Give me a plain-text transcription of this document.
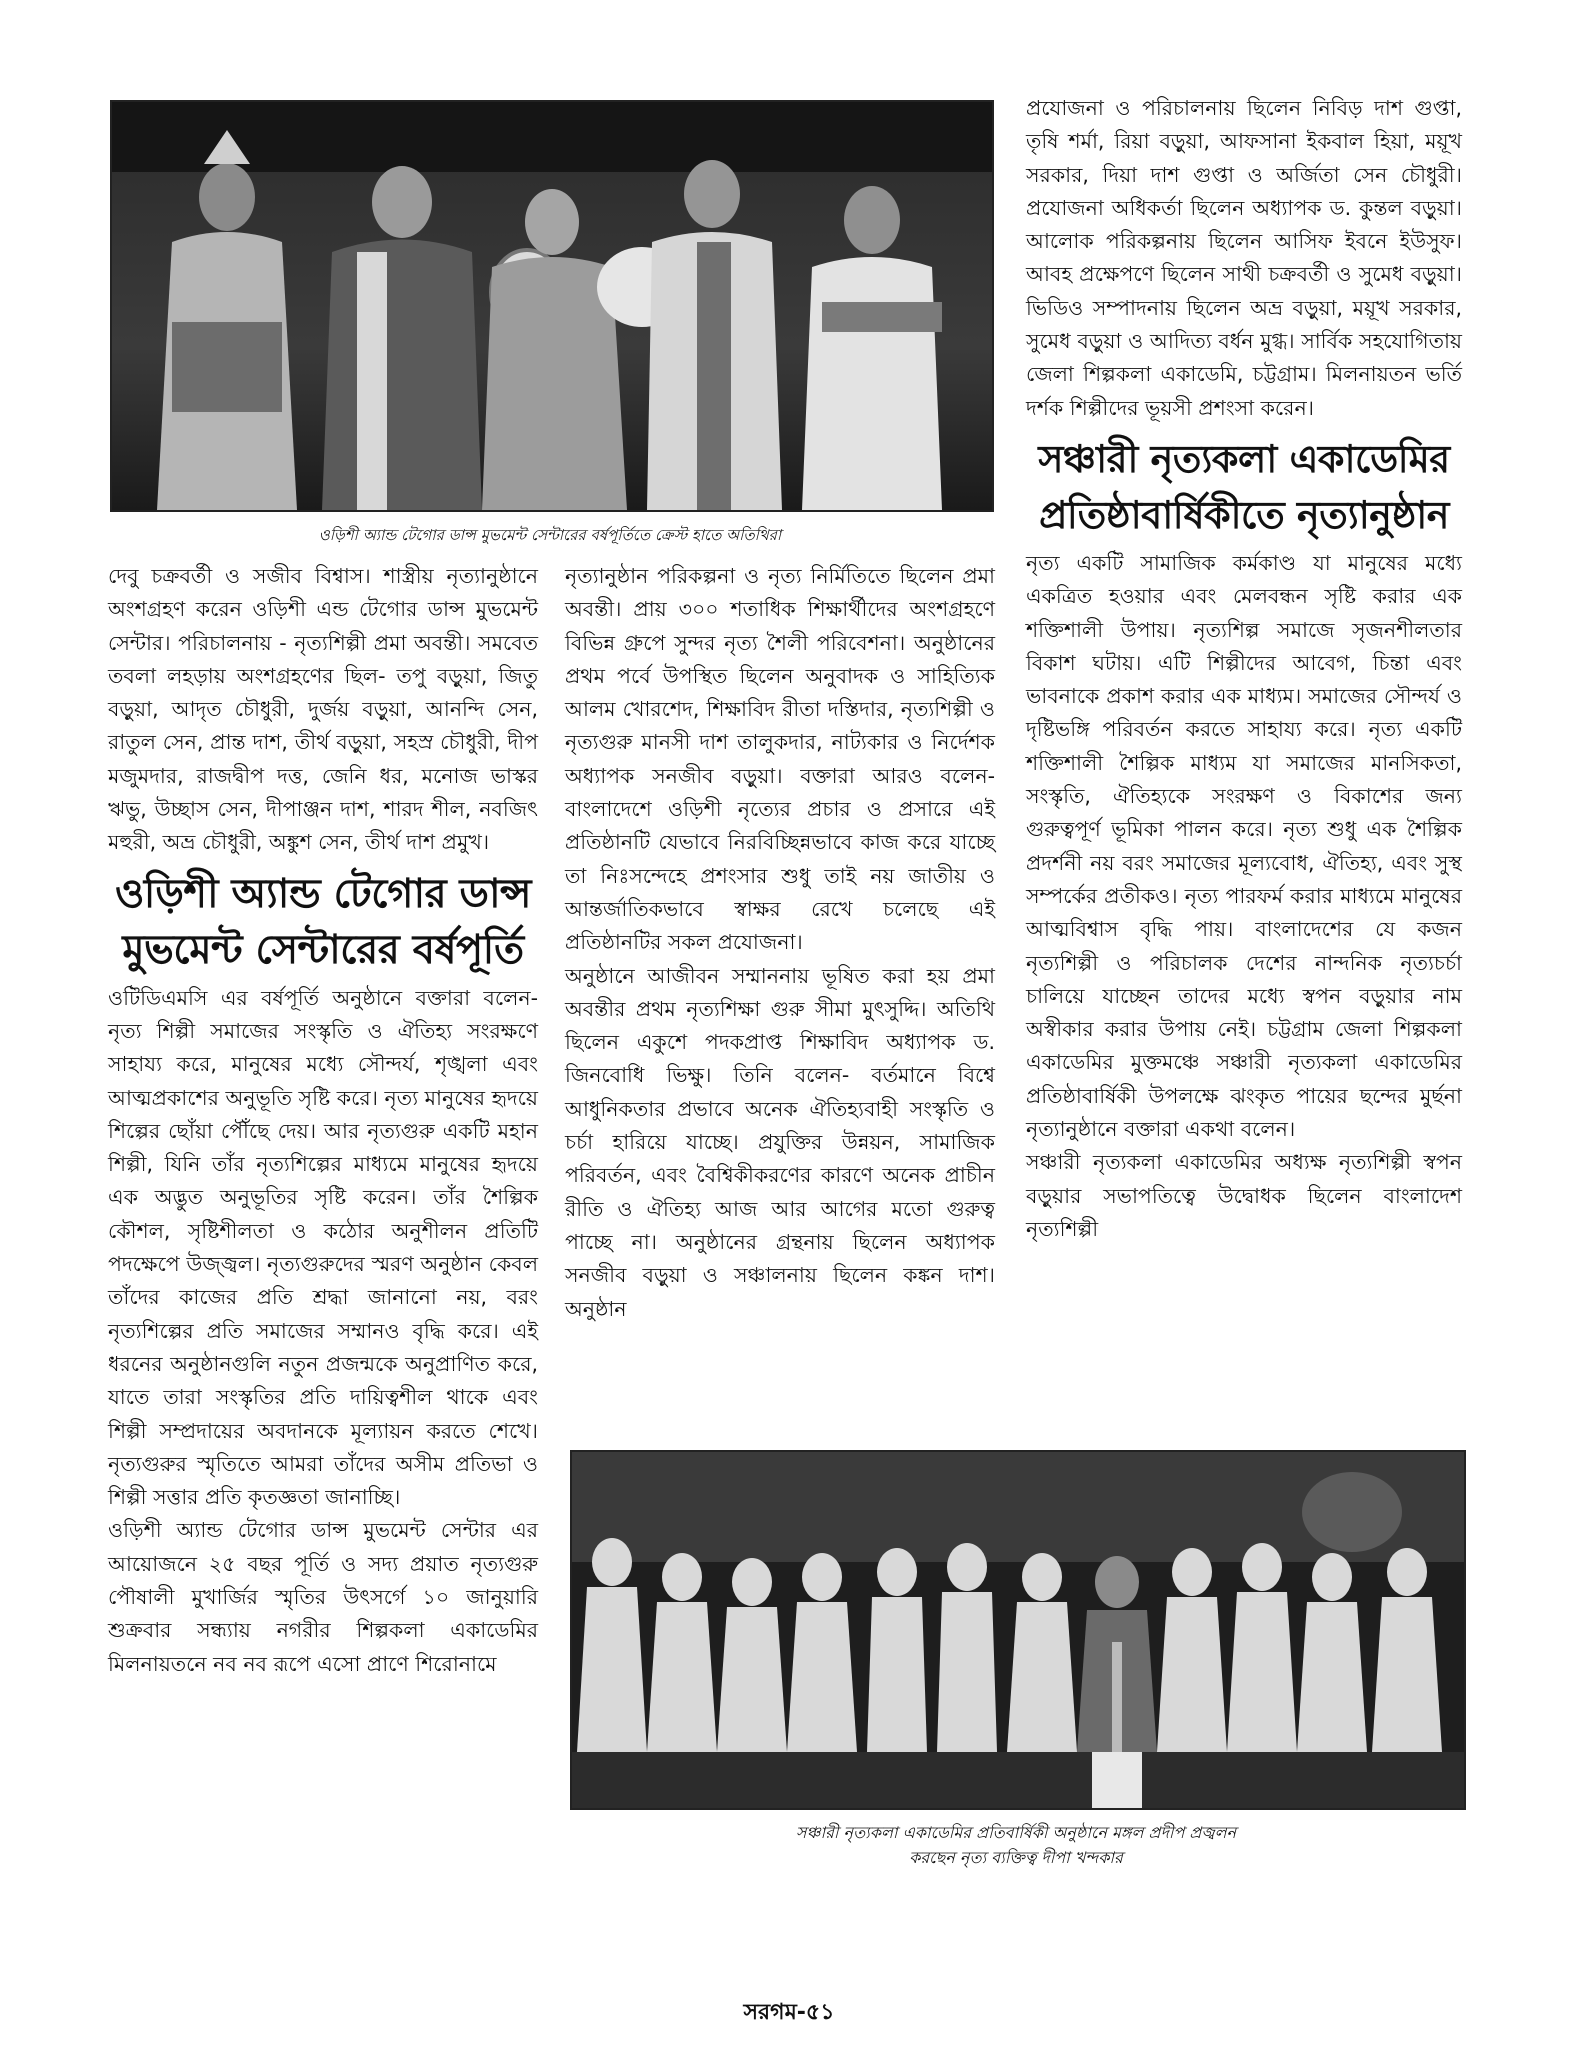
ওড়িশী অ্যান্ড টেগোর ডান্স মুভমেন্ট সেন্টারের বর্ষপূর্তিতে ক্রেস্ট হাতে অতিথিরা

দেবু চক্রবর্তী ও সজীব বিশ্বাস। শাস্ত্রীয় নৃত্যানুষ্ঠানে অংশগ্রহণ করেন ওড়িশী এন্ড টেগোর ডান্স মুভমেন্ট সেন্টার। পরিচালনায় - নৃত্যশিল্পী প্রমা অবন্তী। সমবেত তবলা লহড়ায় অংশগ্রহণের ছিল- তপু বড়ুয়া, জিতু বড়ুয়া, আদৃত চৌধুরী, দুর্জয় বড়ুয়া, আনন্দি সেন, রাতুল সেন, প্রান্ত দাশ, তীর্থ বড়ুয়া, সহস্র চৌধুরী, দীপ মজুমদার, রাজদ্বীপ দত্ত, জেনি ধর, মনোজ ভাস্কর ঋভু, উচ্ছাস সেন, দীপাঞ্জন দাশ, শারদ শীল, নবজিৎ মহুরী, অভ্র চৌধুরী, অঙ্কুশ সেন, তীর্থ দাশ প্রমুখ।

ওড়িশী অ্যান্ড টেগোর ডান্স মুভমেন্ট সেন্টারের বর্ষপূর্তি

ওটিডিএমসি এর বর্ষপূর্তি অনুষ্ঠানে বক্তারা বলেন- নৃত্য শিল্পী সমাজের সংস্কৃতি ও ঐতিহ্য সংরক্ষণে সাহায্য করে, মানুষের মধ্যে সৌন্দর্য, শৃঙ্খলা এবং আত্মপ্রকাশের অনুভূতি সৃষ্টি করে। নৃত্য মানুষের হৃদয়ে শিল্পের ছোঁয়া পৌঁছে দেয়। আর নৃত্যগুরু একটি মহান শিল্পী, যিনি তাঁর নৃত্যশিল্পের মাধ্যমে মানুষের হৃদয়ে এক অদ্ভুত অনুভূতির সৃষ্টি করেন। তাঁর শৈল্পিক কৌশল, সৃষ্টিশীলতা ও কঠোর অনুশীলন প্রতিটি পদক্ষেপে উজ্জ্বল। নৃত্যগুরুদের স্মরণ অনুষ্ঠান কেবল তাঁদের কাজের প্রতি শ্রদ্ধা জানানো নয়, বরং নৃত্যশিল্পের প্রতি সমাজের সম্মানও বৃদ্ধি করে। এই ধরনের অনুষ্ঠানগুলি নতুন প্রজন্মকে অনুপ্রাণিত করে, যাতে তারা সংস্কৃতির প্রতি দায়িত্বশীল থাকে এবং শিল্পী সম্প্রদায়ের অবদানকে মূল্যায়ন করতে শেখে। নৃত্যগুরুর স্মৃতিতে আমরা তাঁদের অসীম প্রতিভা ও শিল্পী সত্তার প্রতি কৃতজ্ঞতা জানাচ্ছি।

ওড়িশী অ্যান্ড টেগোর ডান্স মুভমেন্ট সেন্টার এর আয়োজনে ২৫ বছর পূর্তি ও সদ্য প্রয়াত নৃত্যগুরু পৌষালী মুখার্জির স্মৃতির উৎসর্গে ১০ জানুয়ারি শুক্রবার সন্ধ্যায় নগরীর শিল্পকলা একাডেমির মিলনায়তনে নব নব রূপে এসো প্রাণে শিরোনামে

নৃত্যানুষ্ঠান পরিকল্পনা ও নৃত্য নির্মিতিতে ছিলেন প্রমা অবন্তী। প্রায় ৩০০ শতাধিক শিক্ষার্থীদের অংশগ্রহণে বিভিন্ন গ্রুপে সুন্দর নৃত্য শৈলী পরিবেশনা। অনুষ্ঠানের প্রথম পর্বে উপস্থিত ছিলেন অনুবাদক ও সাহিত্যিক আলম খোরশেদ, শিক্ষাবিদ রীতা দস্তিদার, নৃত্যশিল্পী ও নৃত্যগুরু মানসী দাশ তালুকদার, নাট্যকার ও নির্দেশক অধ্যাপক সনজীব বড়ুয়া। বক্তারা আরও বলেন- বাংলাদেশে ওড়িশী নৃত্যের প্রচার ও প্রসারে এই প্রতিষ্ঠানটি যেভাবে নিরবিচ্ছিন্নভাবে কাজ করে যাচ্ছে তা নিঃসন্দেহে প্রশংসার শুধু তাই নয় জাতীয় ও আন্তর্জাতিকভাবে স্বাক্ষর রেখে চলেছে এই প্রতিষ্ঠানটির সকল প্রযোজনা।

অনুষ্ঠানে আজীবন সম্মাননায় ভূষিত করা হয় প্রমা অবন্তীর প্রথম নৃত্যশিক্ষা গুরু সীমা মুৎসুদ্দি। অতিথি ছিলেন একুশে পদকপ্রাপ্ত শিক্ষাবিদ অধ্যাপক ড. জিনবোধি ভিক্ষু। তিনি বলেন- বর্তমানে বিশ্বে আধুনিকতার প্রভাবে অনেক ঐতিহ্যবাহী সংস্কৃতি ও চর্চা হারিয়ে যাচ্ছে। প্রযুক্তির উন্নয়ন, সামাজিক পরিবর্তন, এবং বৈশ্বিকীকরণের কারণে অনেক প্রাচীন রীতি ও ঐতিহ্য আজ আর আগের মতো গুরুত্ব পাচ্ছে না। অনুষ্ঠানের গ্রন্থনায় ছিলেন অধ্যাপক সনজীব বড়ুয়া ও সঞ্চালনায় ছিলেন কঙ্কন দাশ। অনুষ্ঠান

প্রযোজনা ও পরিচালনায় ছিলেন নিবিড় দাশ গুপ্তা, তৃষি শর্মা, রিয়া বড়ুয়া, আফসানা ইকবাল হিয়া, ময়ূখ সরকার, দিয়া দাশ গুপ্তা ও অর্জিতা সেন চৌধুরী। প্রযোজনা অধিকর্তা ছিলেন অধ্যাপক ড. কুন্তল বড়ুয়া। আলোক পরিকল্পনায় ছিলেন আসিফ ইবনে ইউসুফ। আবহ প্রক্ষেপণে ছিলেন সাথী চক্রবর্তী ও সুমেধ বড়ুয়া। ভিডিও সম্পাদনায় ছিলেন অভ্র বড়ুয়া, ময়ূখ সরকার, সুমেধ বড়ুয়া ও আদিত্য বর্ধন মুগ্ধ। সার্বিক সহযোগিতায় জেলা শিল্পকলা একাডেমি, চট্টগ্রাম। মিলনায়তন ভর্তি দর্শক শিল্পীদের ভূয়সী প্রশংসা করেন।

সঞ্চারী নৃত্যকলা একাডেমির প্রতিষ্ঠাবার্ষিকীতে নৃত্যানুষ্ঠান

নৃত্য একটি সামাজিক কর্মকাণ্ড যা মানুষের মধ্যে একত্রিত হওয়ার এবং মেলবন্ধন সৃষ্টি করার এক শক্তিশালী উপায়। নৃত্যশিল্প সমাজে সৃজনশীলতার বিকাশ ঘটায়। এটি শিল্পীদের আবেগ, চিন্তা এবং ভাবনাকে প্রকাশ করার এক মাধ্যম। সমাজের সৌন্দর্য ও দৃষ্টিভঙ্গি পরিবর্তন করতে সাহায্য করে। নৃত্য একটি শক্তিশালী শৈল্পিক মাধ্যম যা সমাজের মানসিকতা, সংস্কৃতি, ঐতিহ্যকে সংরক্ষণ ও বিকাশের জন্য গুরুত্বপূর্ণ ভূমিকা পালন করে। নৃত্য শুধু এক শৈল্পিক প্রদর্শনী নয় বরং সমাজের মূল্যবোধ, ঐতিহ্য, এবং সুস্থ সম্পর্কের প্রতীকও। নৃত্য পারফর্ম করার মাধ্যমে মানুষের আত্মবিশ্বাস বৃদ্ধি পায়। বাংলাদেশের যে কজন নৃত্যশিল্পী ও পরিচালক দেশের নান্দনিক নৃত্যচর্চা চালিয়ে যাচ্ছেন তাদের মধ্যে স্বপন বড়ুয়ার নাম অস্বীকার করার উপায় নেই। চট্টগ্রাম জেলা শিল্পকলা একাডেমির মুক্তমঞ্চে সঞ্চারী নৃত্যকলা একাডেমির প্রতিষ্ঠাবার্ষিকী উপলক্ষে ঝংকৃত পায়ের ছন্দের মুর্ছনা নৃত্যানুষ্ঠানে বক্তারা একথা বলেন।

সঞ্চারী নৃত্যকলা একাডেমির অধ্যক্ষ নৃত্যশিল্পী স্বপন বড়ুয়ার সভাপতিত্বে উদ্বোধক ছিলেন বাংলাদেশ নৃত্যশিল্পী

সঞ্চারী নৃত্যকলা একাডেমির প্রতিবার্ষিকী অনুষ্ঠানে মঙ্গল প্রদীপ প্রজ্বলন
করছেন নৃত্য ব্যক্তিত্ব দীপা খন্দকার
সরগম-৫১
